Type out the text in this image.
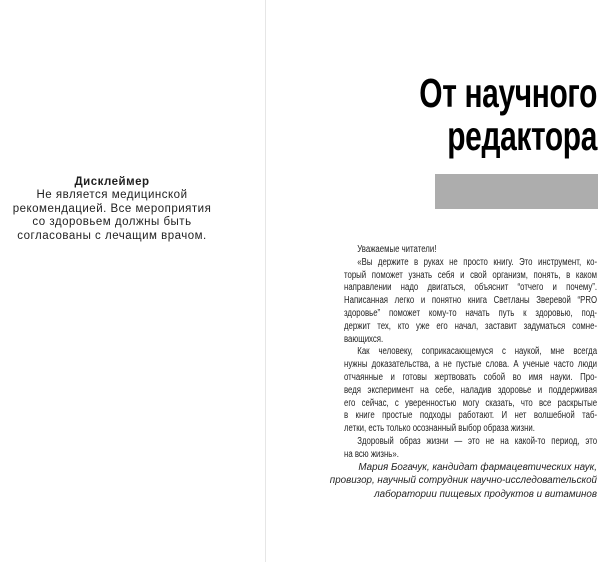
Дисклеймер
Не является медицинской
рекомендацией. Все мероприятия
со здоровьем должны быть
согласованы с лечащим врачом.
От научного
редактора
Уважаемые читатели!
«Вы держите в руках не просто книгу. Это инструмент, ко-
торый поможет узнать себя и свой организм, понять, в каком
направлении надо двигаться, объяснит “отчего и почему”.
Написанная легко и понятно книга Светланы Зверевой “PRO
здоровье” поможет кому-то начать путь к здоровью, под-
держит тех, кто уже его начал, заставит задуматься сомне-
вающихся.
Как человеку, соприкасающемуся с наукой, мне всегда
нужны доказательства, а не пустые слова. А ученые часто люди
отчаянные и готовы жертвовать собой во имя науки. Про-
ведя эксперимент на себе, наладив здоровье и поддерживая
его сейчас, с уверенностью могу сказать, что все раскрытые
в книге простые подходы работают. И нет волшебной таб-
летки, есть только осознанный выбор образа жизни.
Здоровый образ жизни — это не на какой-то период, это
на всю жизнь».
Мария Богачук, кандидат фармацевтических наук,
провизор, научный сотрудник научно-исследовательской
лаборатории пищевых продуктов и витаминов
